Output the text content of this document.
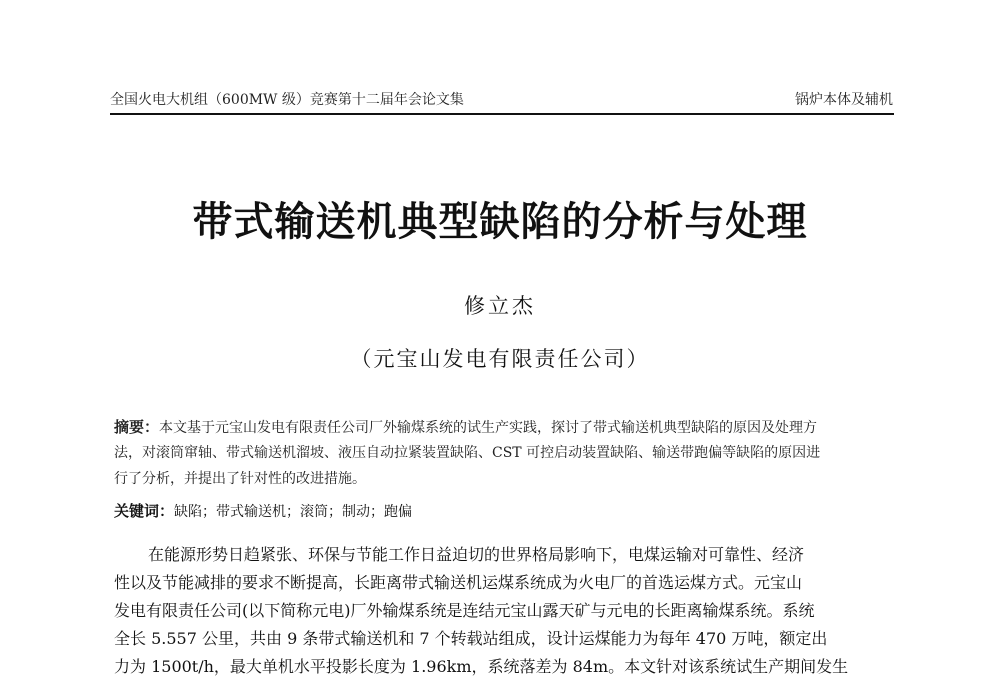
全国火电大机组（600MW 级）竞赛第十二届年会论文集	锅炉本体及辅机
带式输送机典型缺陷的分析与处理
修立杰
（元宝山发电有限责任公司）
摘要：本文基于元宝山发电有限责任公司厂外输煤系统的试生产实践，探讨了带式输送机典型缺陷的原因及处理方
法，对滚筒窜轴、带式输送机溜坡、液压自动拉紧装置缺陷、CST 可控启动装置缺陷、输送带跑偏等缺陷的原因进
行了分析，并提出了针对性的改进措施。
关键词：缺陷；带式输送机；滚筒；制动；跑偏
在能源形势日趋紧张、环保与节能工作日益迫切的世界格局影响下，电煤运输对可靠性、经济
性以及节能减排的要求不断提高，长距离带式输送机运煤系统成为火电厂的首选运煤方式。元宝山
发电有限责任公司(以下简称元电)厂外输煤系统是连结元宝山露天矿与元电的长距离输煤系统。系统
全长 5.557 公里，共由 9 条带式输送机和 7 个转载站组成，设计运煤能力为每年 470 万吨，额定出
力为 1500t/h，最大单机水平投影长度为 1.96km，系统落差为 84m。本文针对该系统试生产期间发生
